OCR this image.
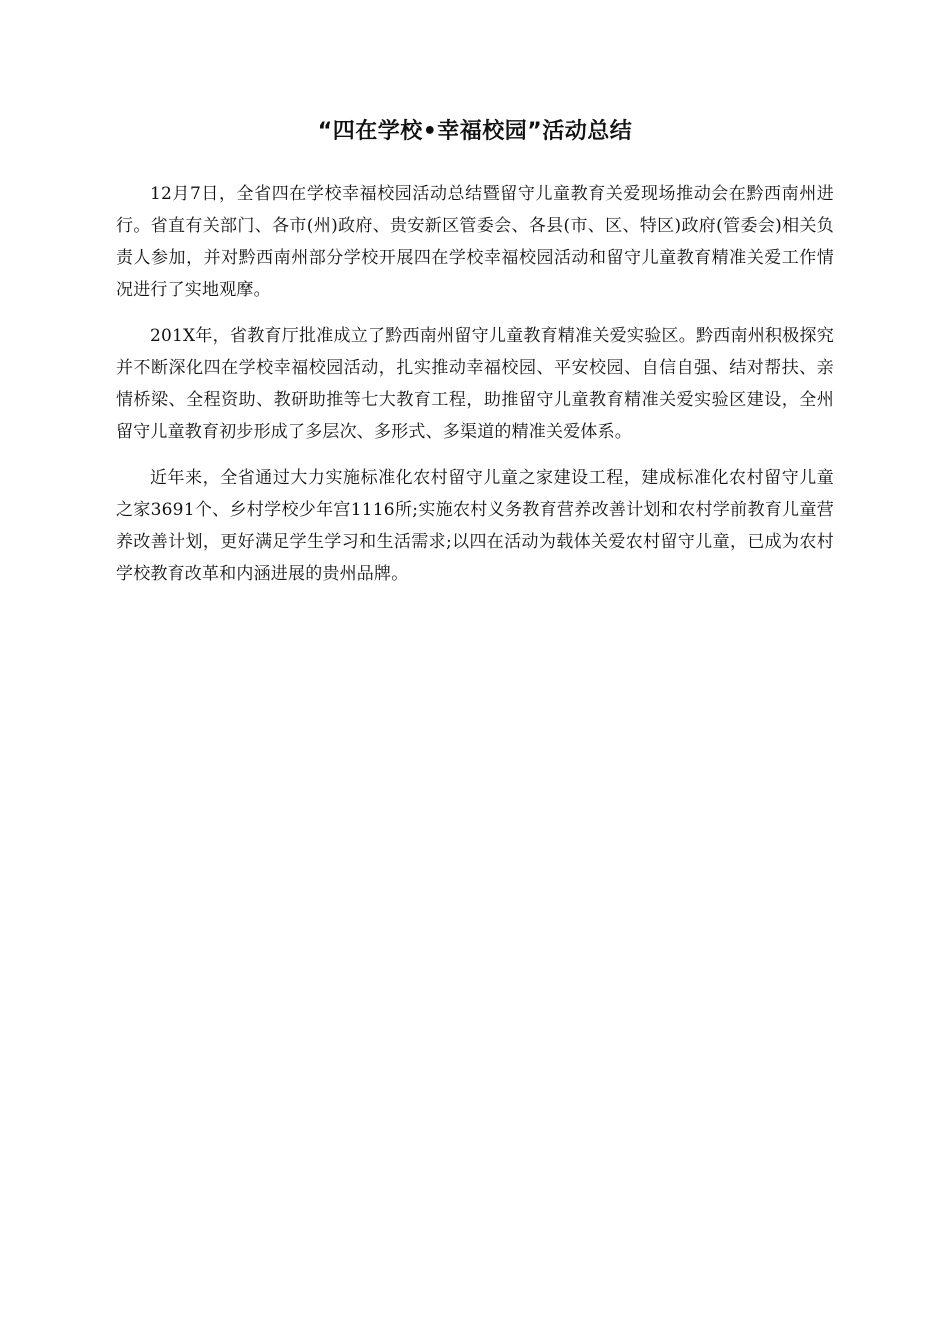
“四在学校•幸福校园”活动总结

12月7日，全省四在学校幸福校园活动总结暨留守儿童教育关爱现场推动会在黔西南州进行。省直有关部门、各市(州)政府、贵安新区管委会、各县(市、区、特区)政府(管委会)相关负责人参加，并对黔西南州部分学校开展四在学校幸福校园活动和留守儿童教育精准关爱工作情况进行了实地观摩。

201X年，省教育厅批准成立了黔西南州留守儿童教育精准关爱实验区。黔西南州积极探究并不断深化四在学校幸福校园活动，扎实推动幸福校园、平安校园、自信自强、结对帮扶、亲情桥梁、全程资助、教研助推等七大教育工程，助推留守儿童教育精准关爱实验区建设，全州留守儿童教育初步形成了多层次、多形式、多渠道的精准关爱体系。

近年来，全省通过大力实施标准化农村留守儿童之家建设工程，建成标准化农村留守儿童之家3691个、乡村学校少年宫1116所;实施农村义务教育营养改善计划和农村学前教育儿童营养改善计划，更好满足学生学习和生活需求;以四在活动为载体关爱农村留守儿童，已成为农村学校教育改革和内涵进展的贵州品牌。
